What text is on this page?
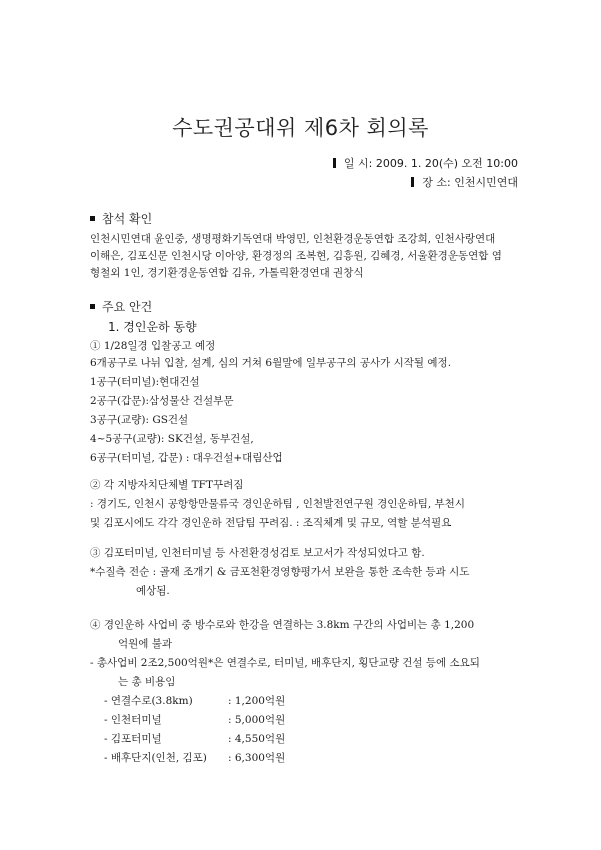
수도권공대위 제6차 회의록
일 시: 2009. 1. 20(수) 오전 10:00
장 소: 인천시민연대
참석 확인
인천시민연대 윤인중, 생명평화기독연대 박영민, 인천환경운동연합 조강희, 인천사랑연대
이해은, 김포신문 인천시당 이아양, 환경정의 조복현, 김흥원, 김혜경, 서울환경운동연합 염
형철외 1인, 경기환경운동연합 김유, 가톨릭환경연대 권창식
주요 안건
1. 경인운하 동향
① 1/28일경 입찰공고 예정
6개공구로 나뉘 입찰, 설계, 심의 거쳐 6월말에 일부공구의 공사가 시작될 예정.
1공구(터미널):현대건설
2공구(갑문):삼성물산 건설부문
3공구(교량): GS건설
4~5공구(교량): SK건설, 동부건설,
6공구(터미널, 갑문) : 대우건설+대림산업
② 각 지방자치단체별 TFT꾸려짐
: 경기도, 인천시 공항항만물류국 경인운하팀 , 인천발전연구원 경인운하팀, 부천시
및 김포시에도 각각 경인운하 전담팀 꾸려짐. : 조직체계 및 규모, 역할 분석필요
③ 김포터미널, 인천터미널 등 사전환경성검토 보고서가 작성되었다고 함.
*수질측 전순 : 골재 조개기 & 금포천환경영향평가서 보완을 통한 조속한 등과 시도
예상됨.
④ 경인운하 사업비 중 방수로와 한강을 연결하는 3.8km 구간의 사업비는 총 1,200
억원에 불과
- 총사업비 2조2,500억원*은 연결수로, 터미널, 배후단지, 횡단교량 건설 등에 소요되
는 총 비용임
- 연결수로(3.8km)	: 1,200억원
- 인천터미널	: 5,000억원
- 김포터미널	: 4,550억원
- 배후단지(인천, 김포) : 6,300억원
